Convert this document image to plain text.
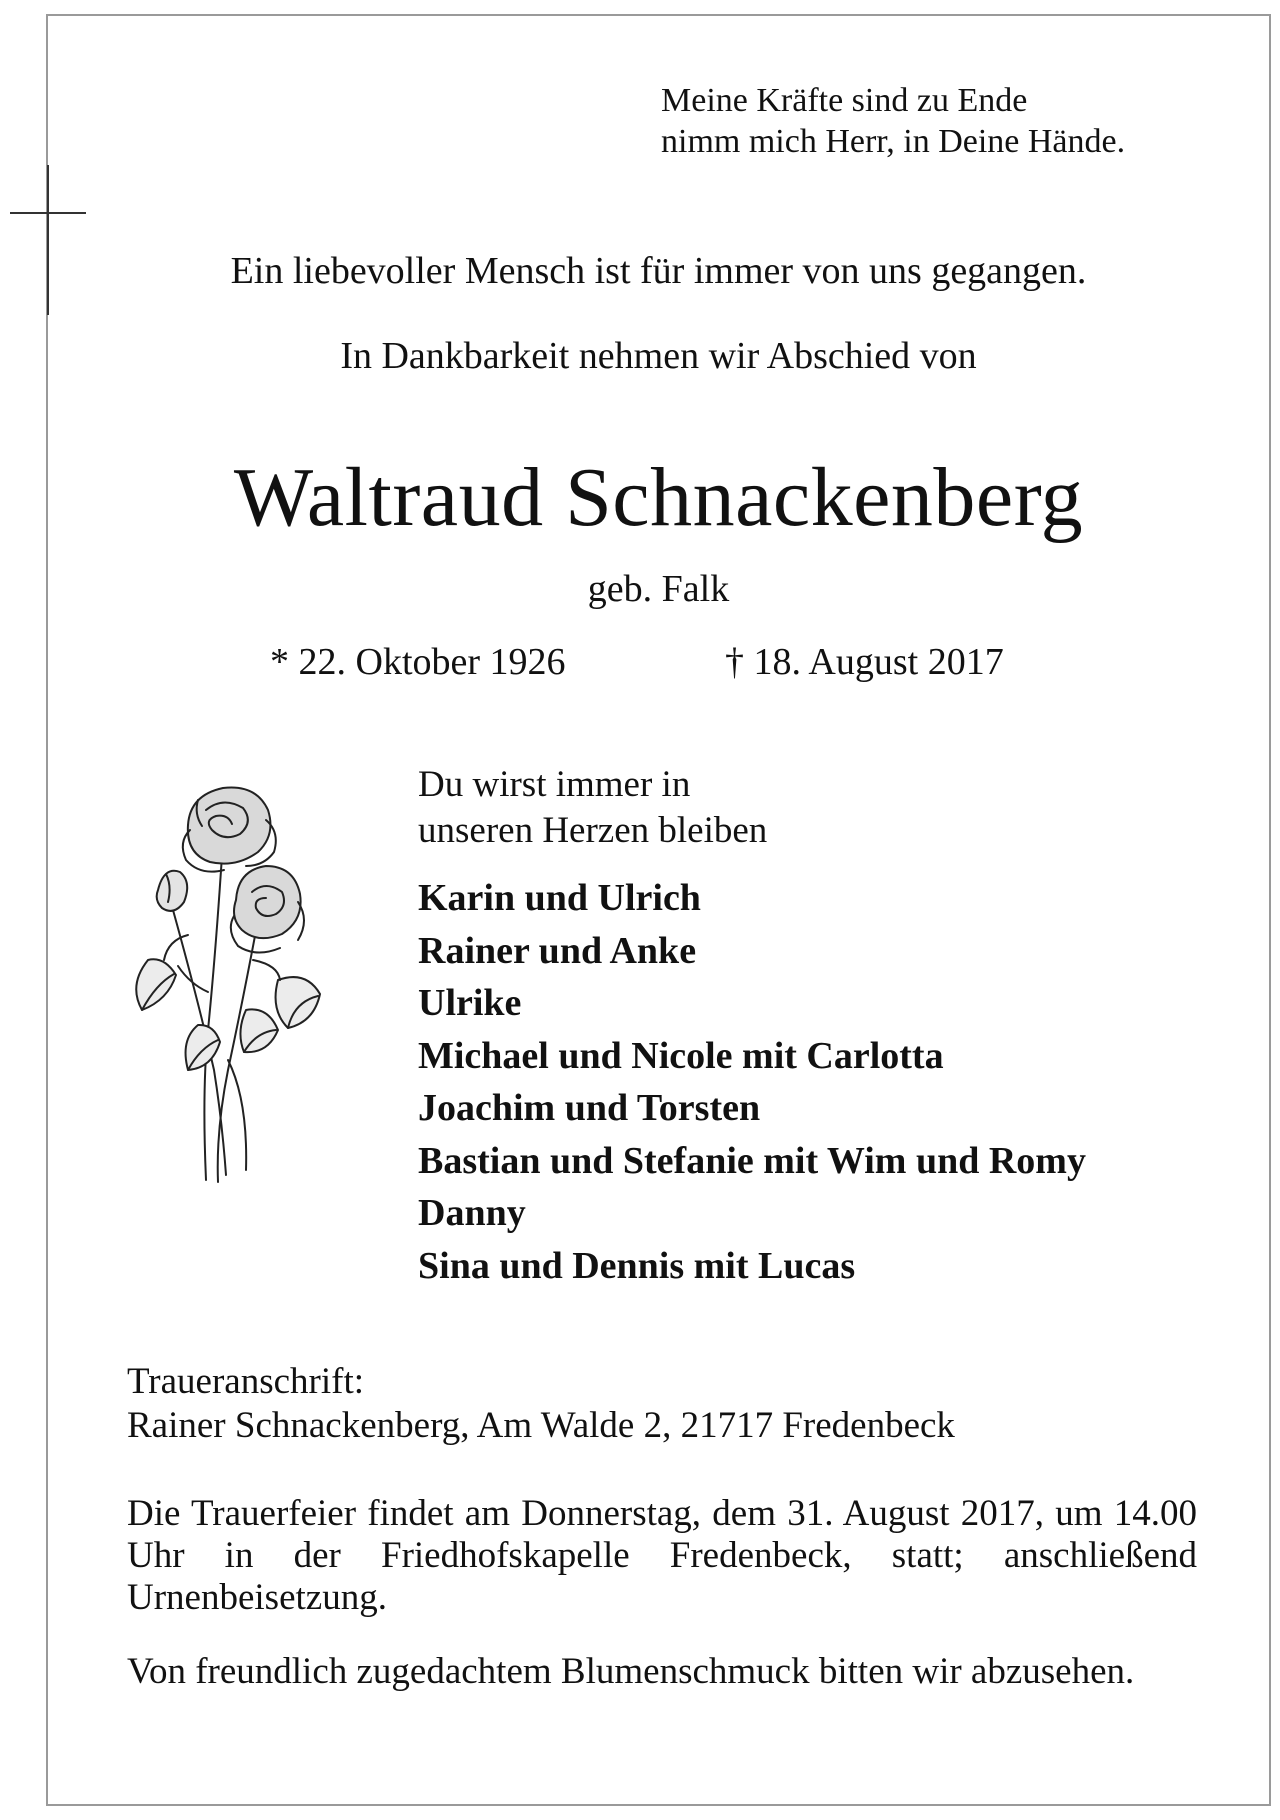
Meine Kräfte sind zu Ende
nimm mich Herr, in Deine Hände.

Ein liebevoller Mensch ist für immer von uns gegangen.

In Dankbarkeit nehmen wir Abschied von

Waltraud Schnackenberg

geb. Falk

* 22. Oktober 1926	† 18. August 2017

Du wirst immer in
unseren Herzen bleiben
Karin und Ulrich
Rainer und Anke
Ulrike
Michael und Nicole mit Carlotta
Joachim und Torsten
Bastian und Stefanie mit Wim und Romy
Danny
Sina und Dennis mit Lucas
Traueranschrift:
Rainer Schnackenberg, Am Walde 2, 21717 Fredenbeck

Die Trauerfeier findet am Donnerstag, dem 31. August 2017, um 14.00 Uhr in der Friedhofskapelle Fredenbeck, statt; anschließend Urnenbeisetzung.

Von freundlich zugedachtem Blumenschmuck bitten wir abzusehen.
